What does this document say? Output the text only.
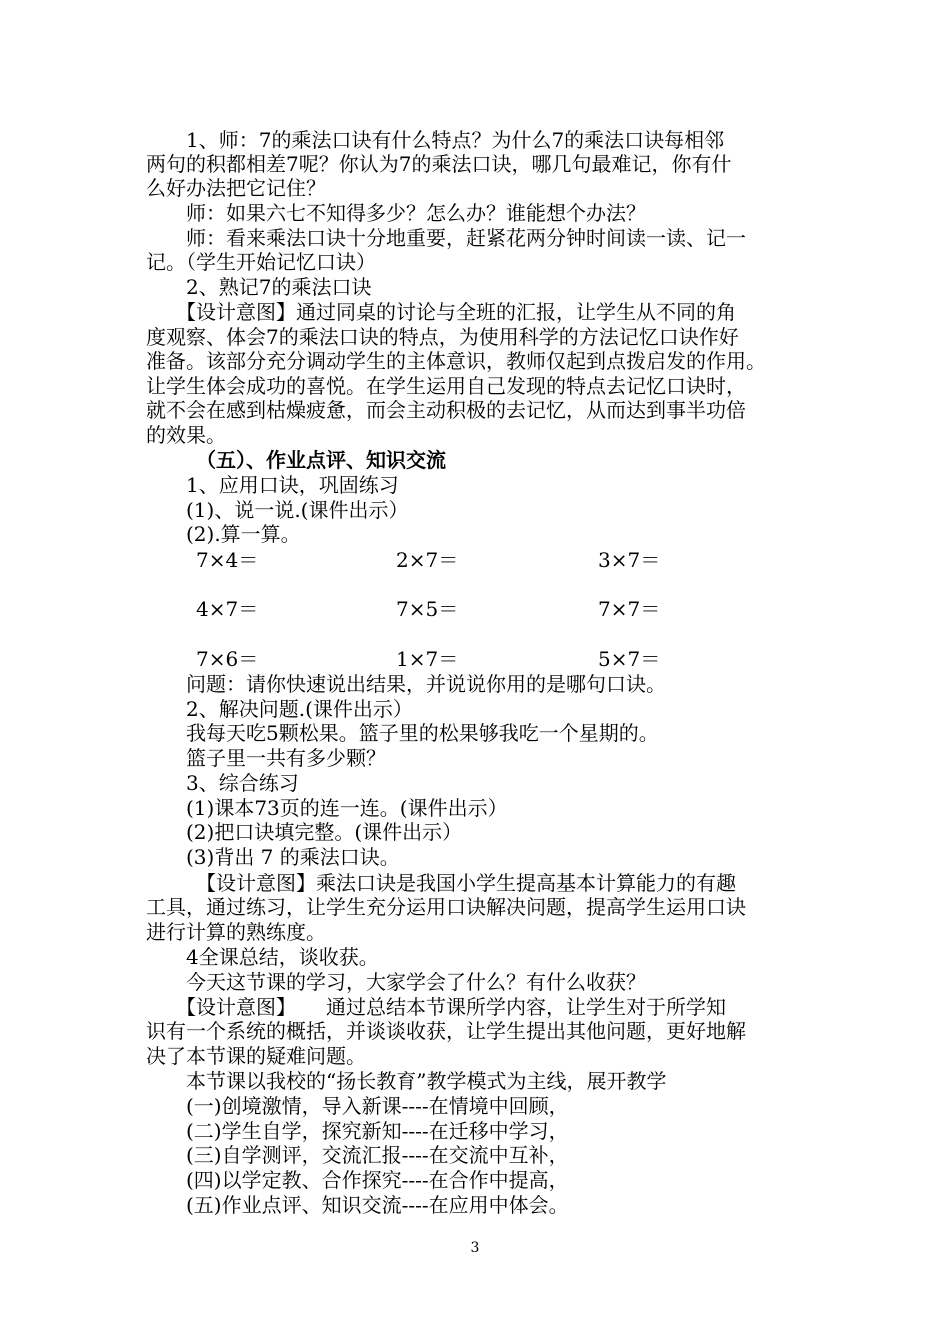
　　1、师：7的乘法口诀有什么特点？为什么7的乘法口诀每相邻
两句的积都相差7呢？你认为7的乘法口诀，哪几句最难记，你有什
么好办法把它记住？
　　师：如果六七不知得多少？怎么办？谁能想个办法？
　　师：看来乘法口诀十分地重要，赶紧花两分钟时间读一读、记一
记。（学生开始记忆口诀）
　　2、熟记7的乘法口诀
　　【设计意图】通过同桌的讨论与全班的汇报，让学生从不同的角
度观察、体会7的乘法口诀的特点，为使用科学的方法记忆口诀作好
准备。该部分充分调动学生的主体意识，教师仅起到点拨启发的作用。
让学生体会成功的喜悦。在学生运用自己发现的特点去记忆口诀时，
就不会在感到枯燥疲惫，而会主动积极的去记忆，从而达到事半功倍
的效果。
（五）、作业点评、知识交流
　　1、应用口诀，巩固练习
　　(1)、说一说.(课件出示）
　　(2).算一算。
7×4＝	2×7＝	3×7＝
4×7＝	7×5＝	7×7＝
7×6＝	1×7＝	5×7＝
　　问题：请你快速说出结果，并说说你用的是哪句口诀。
　　2、解决问题.(课件出示）
　　我每天吃5颗松果。篮子里的松果够我吃一个星期的。
　　篮子里一共有多少颗？
　　3、综合练习
　　(1)课本73页的连一连。(课件出示）
　　(2)把口诀填完整。(课件出示）
　　(3)背出 7 的乘法口诀。
　　　【设计意图】乘法口诀是我国小学生提高基本计算能力的有趣
工具，通过练习，让学生充分运用口诀解决问题，提高学生运用口诀
进行计算的熟练度。
　　4全课总结，谈收获。
　　今天这节课的学习，大家学会了什么？有什么收获？
　　【设计意图】　　通过总结本节课所学内容，让学生对于所学知
识有一个系统的概括，并谈谈收获，让学生提出其他问题，更好地解
决了本节课的疑难问题。
　　本节课以我校的“扬长教育”教学模式为主线，展开教学
　　(一)创境激情，导入新课----在情境中回顾，
　　(二)学生自学，探究新知----在迁移中学习，
　　(三)自学测评，交流汇报----在交流中互补，
　　(四)以学定教、合作探究----在合作中提高，
　　(五)作业点评、知识交流----在应用中体会。
3
